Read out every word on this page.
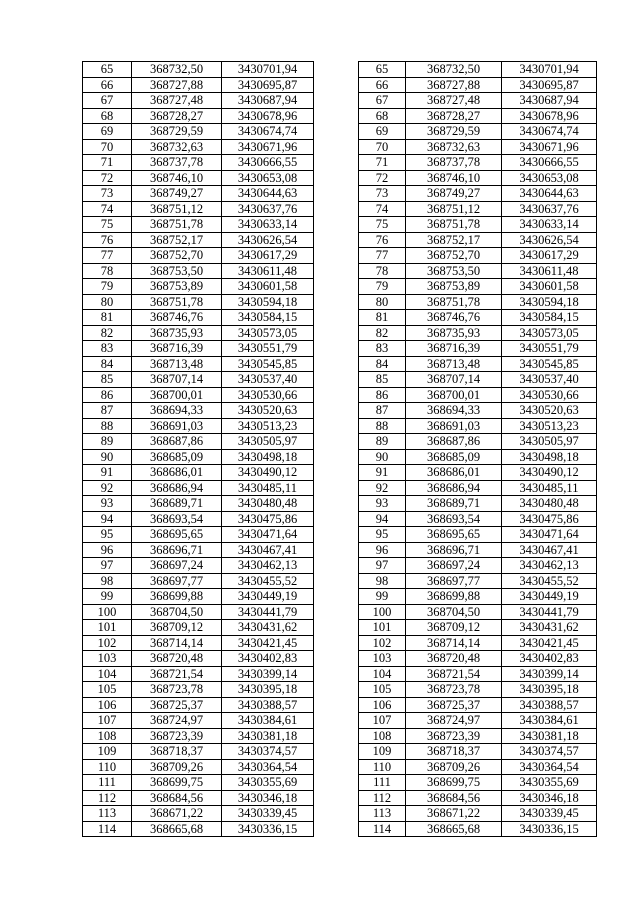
65	368732,50	3430701,94		65	368732,50	3430701,94
66	368727,88	3430695,87		66	368727,88	3430695,87
67	368727,48	3430687,94		67	368727,48	3430687,94
68	368728,27	3430678,96		68	368728,27	3430678,96
69	368729,59	3430674,74		69	368729,59	3430674,74
70	368732,63	3430671,96		70	368732,63	3430671,96
71	368737,78	3430666,55		71	368737,78	3430666,55
72	368746,10	3430653,08		72	368746,10	3430653,08
73	368749,27	3430644,63		73	368749,27	3430644,63
74	368751,12	3430637,76		74	368751,12	3430637,76
75	368751,78	3430633,14		75	368751,78	3430633,14
76	368752,17	3430626,54		76	368752,17	3430626,54
77	368752,70	3430617,29		77	368752,70	3430617,29
78	368753,50	3430611,48		78	368753,50	3430611,48
79	368753,89	3430601,58		79	368753,89	3430601,58
80	368751,78	3430594,18		80	368751,78	3430594,18
81	368746,76	3430584,15		81	368746,76	3430584,15
82	368735,93	3430573,05		82	368735,93	3430573,05
83	368716,39	3430551,79		83	368716,39	3430551,79
84	368713,48	3430545,85		84	368713,48	3430545,85
85	368707,14	3430537,40		85	368707,14	3430537,40
86	368700,01	3430530,66		86	368700,01	3430530,66
87	368694,33	3430520,63		87	368694,33	3430520,63
88	368691,03	3430513,23		88	368691,03	3430513,23
89	368687,86	3430505,97		89	368687,86	3430505,97
90	368685,09	3430498,18		90	368685,09	3430498,18
91	368686,01	3430490,12		91	368686,01	3430490,12
92	368686,94	3430485,11		92	368686,94	3430485,11
93	368689,71	3430480,48		93	368689,71	3430480,48
94	368693,54	3430475,86		94	368693,54	3430475,86
95	368695,65	3430471,64		95	368695,65	3430471,64
96	368696,71	3430467,41		96	368696,71	3430467,41
97	368697,24	3430462,13		97	368697,24	3430462,13
98	368697,77	3430455,52		98	368697,77	3430455,52
99	368699,88	3430449,19		99	368699,88	3430449,19
100	368704,50	3430441,79		100	368704,50	3430441,79
101	368709,12	3430431,62		101	368709,12	3430431,62
102	368714,14	3430421,45		102	368714,14	3430421,45
103	368720,48	3430402,83		103	368720,48	3430402,83
104	368721,54	3430399,14		104	368721,54	3430399,14
105	368723,78	3430395,18		105	368723,78	3430395,18
106	368725,37	3430388,57		106	368725,37	3430388,57
107	368724,97	3430384,61		107	368724,97	3430384,61
108	368723,39	3430381,18		108	368723,39	3430381,18
109	368718,37	3430374,57		109	368718,37	3430374,57
110	368709,26	3430364,54		110	368709,26	3430364,54
111	368699,75	3430355,69		111	368699,75	3430355,69
112	368684,56	3430346,18		112	368684,56	3430346,18
113	368671,22	3430339,45		113	368671,22	3430339,45
114	368665,68	3430336,15		114	368665,68	3430336,15
